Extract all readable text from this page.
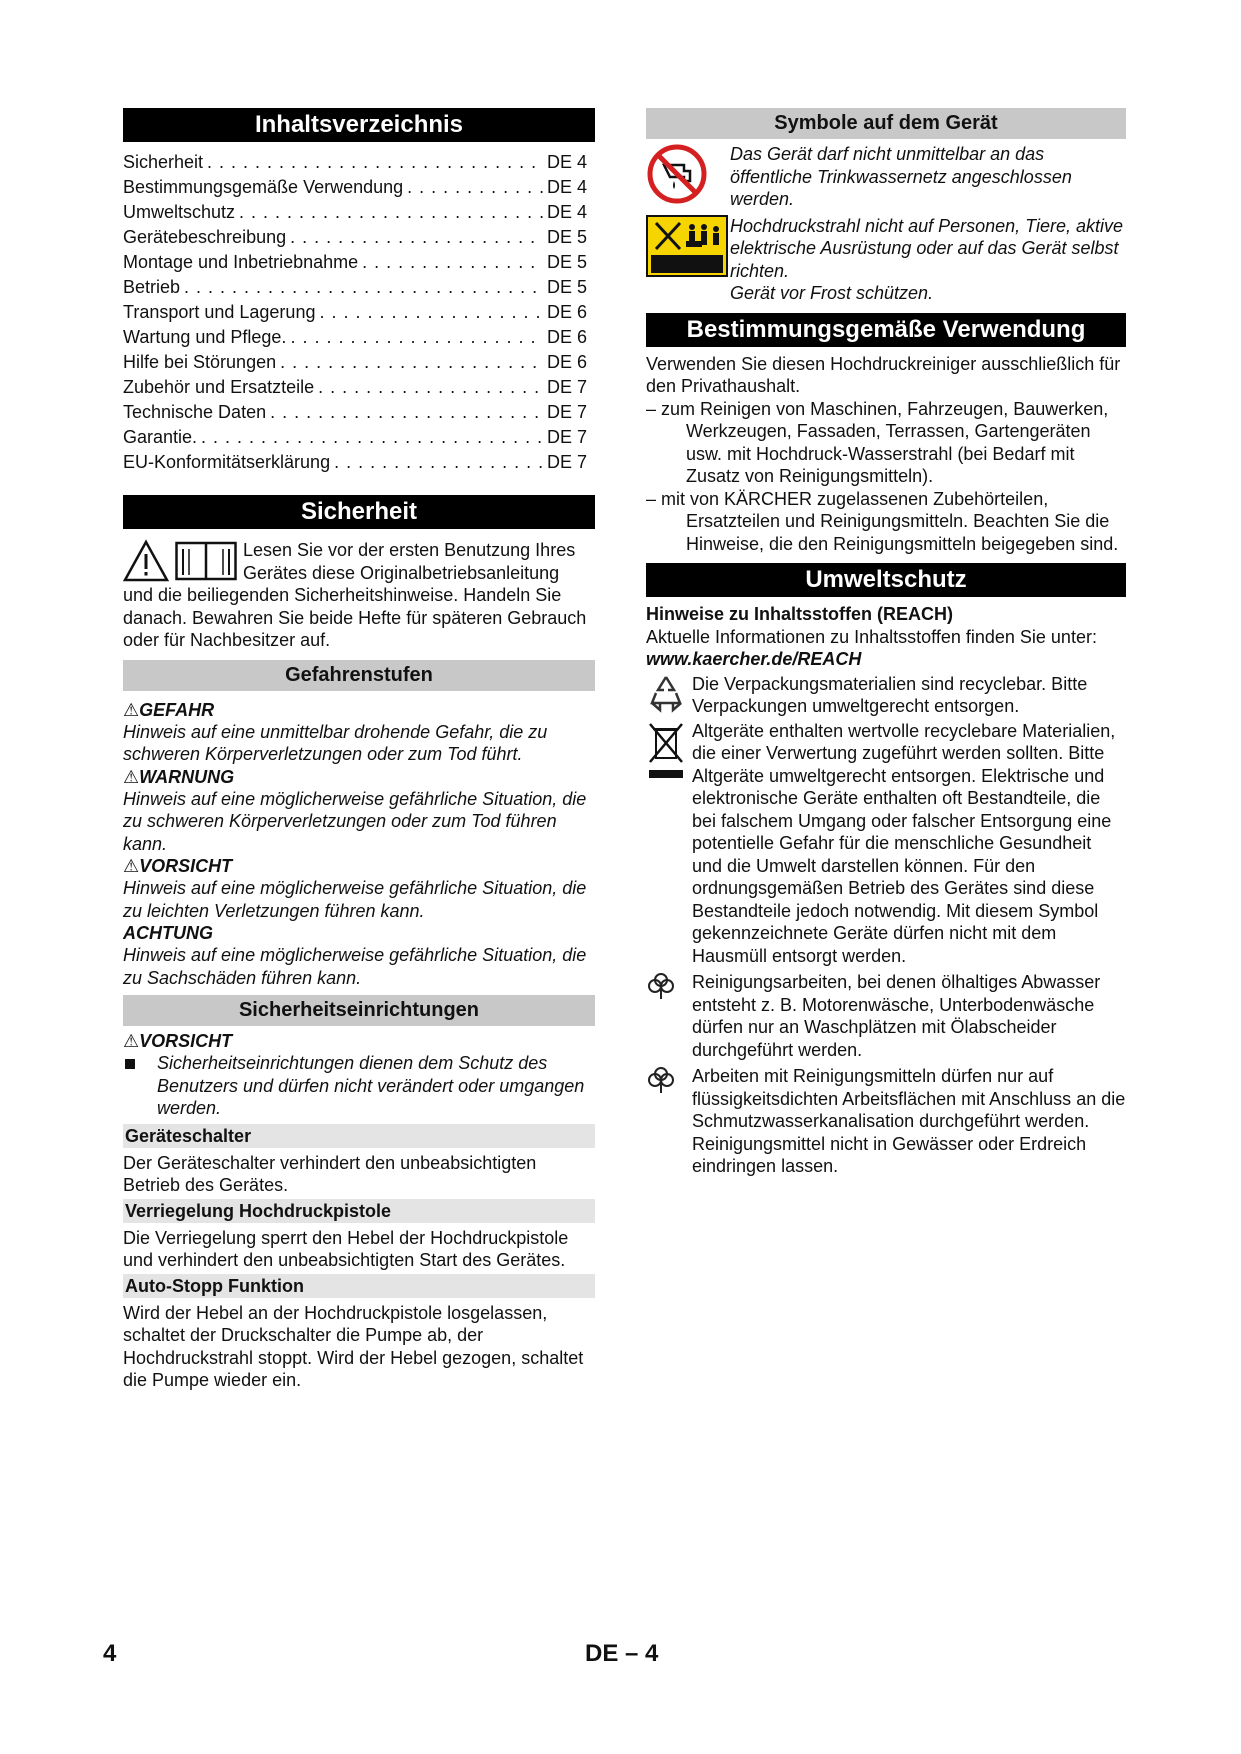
Inhaltsverzeichnis
Sicherheit . . .	DE 4
Bestimmungsgemäße Verwendung . . .	DE 4
Umweltschutz . . .	DE 4
Gerätebeschreibung . . .	DE 5
Montage und Inbetriebnahme . . .	DE 5
Betrieb . . .	DE 5
Transport und Lagerung . . .	DE 6
Wartung und Pflege. . . .	DE 6
Hilfe bei Störungen . . .	DE 6
Zubehör und Ersatzteile . . .	DE 7
Technische Daten . . .	DE 7
Garantie. . . .	DE 7
EU-Konformitätserklärung . . .	DE 7
Sicherheit

Lesen Sie vor der ersten Benutzung Ihres Gerätes diese Originalbetriebsanleitung

und die beiliegenden Sicherheitshinweise. Handeln Sie danach. Bewahren Sie beide Hefte für späteren Gebrauch oder für Nachbesitzer auf.

Gefahrenstufen
⚠GEFAHR

Hinweis auf eine unmittelbar drohende Gefahr, die zu schweren Körperverletzungen oder zum Tod führt.

⚠WARNUNG

Hinweis auf eine möglicherweise gefährliche Situation, die zu schweren Körperverletzungen oder zum Tod führen kann.

⚠VORSICHT

Hinweis auf eine möglicherweise gefährliche Situation, die zu leichten Verletzungen führen kann.

ACHTUNG

Hinweis auf eine möglicherweise gefährliche Situation, die zu Sachschäden führen kann.

Sicherheitseinrichtungen
⚠VORSICHT
Sicherheitseinrichtungen dienen dem Schutz des Benutzers und dürfen nicht verändert oder umgangen werden.
Geräteschalter

Der Geräteschalter verhindert den unbeabsichtigten Betrieb des Gerätes.

Verriegelung Hochdruckpistole

Die Verriegelung sperrt den Hebel der Hochdruckpistole und verhindert den unbeabsichtigten Start des Gerätes.

Auto-Stopp Funktion

Wird der Hebel an der Hochdruckpistole losgelassen, schaltet der Druckschalter die Pumpe ab, der Hochdruckstrahl stoppt. Wird der Hebel gezogen, schaltet die Pumpe wieder ein.

Symbole auf dem Gerät
Das Gerät darf nicht unmittelbar an das öffentliche Trinkwassernetz angeschlossen werden.
Hochdruckstrahl nicht auf Personen, Tiere, aktive elektrische Ausrüstung oder auf das Gerät selbst richten.
Gerät vor Frost schützen.
Bestimmungsgemäße Verwendung

Verwenden Sie diesen Hochdruckreiniger ausschließlich für den Privathaushalt.

– zum Reinigen von Maschinen, Fahrzeugen, Bauwerken, Werkzeugen, Fassaden, Terrassen, Gartengeräten usw. mit Hochdruck-Wasserstrahl (bei Bedarf mit Zusatz von Reinigungsmitteln).
– mit von KÄRCHER zugelassenen Zubehörteilen, Ersatzteilen und Reinigungsmitteln. Beachten Sie die Hinweise, die den Reinigungsmitteln beigegeben sind.
Umweltschutz

Hinweise zu Inhaltsstoffen (REACH)

Aktuelle Informationen zu Inhaltsstoffen finden Sie unter:

www.kaercher.de/REACH

Die Verpackungsmaterialien sind recyclebar. Bitte Verpackungen umweltgerecht entsorgen.
Altgeräte enthalten wertvolle recyclebare Materialien, die einer Verwertung zugeführt werden sollten. Bitte Altgeräte umweltgerecht entsorgen. Elektrische und elektronische Geräte enthalten oft Bestandteile, die bei falschem Umgang oder falscher Entsorgung eine potentielle Gefahr für die menschliche Gesundheit und die Umwelt darstellen können. Für den ordnungsgemäßen Betrieb des Gerätes sind diese Bestandteile jedoch notwendig. Mit diesem Symbol gekennzeichnete Geräte dürfen nicht mit dem Hausmüll entsorgt werden.
Reinigungsarbeiten, bei denen ölhaltiges Abwasser entsteht z. B. Motorenwäsche, Unterbodenwäsche dürfen nur an Waschplätzen mit Ölabscheider durchgeführt werden.
Arbeiten mit Reinigungsmitteln dürfen nur auf flüssigkeitsdichten Arbeitsflächen mit Anschluss an die Schmutzwasserkanalisation durchgeführt werden. Reinigungsmittel nicht in Gewässer oder Erdreich eindringen lassen.
4	DE – 4
